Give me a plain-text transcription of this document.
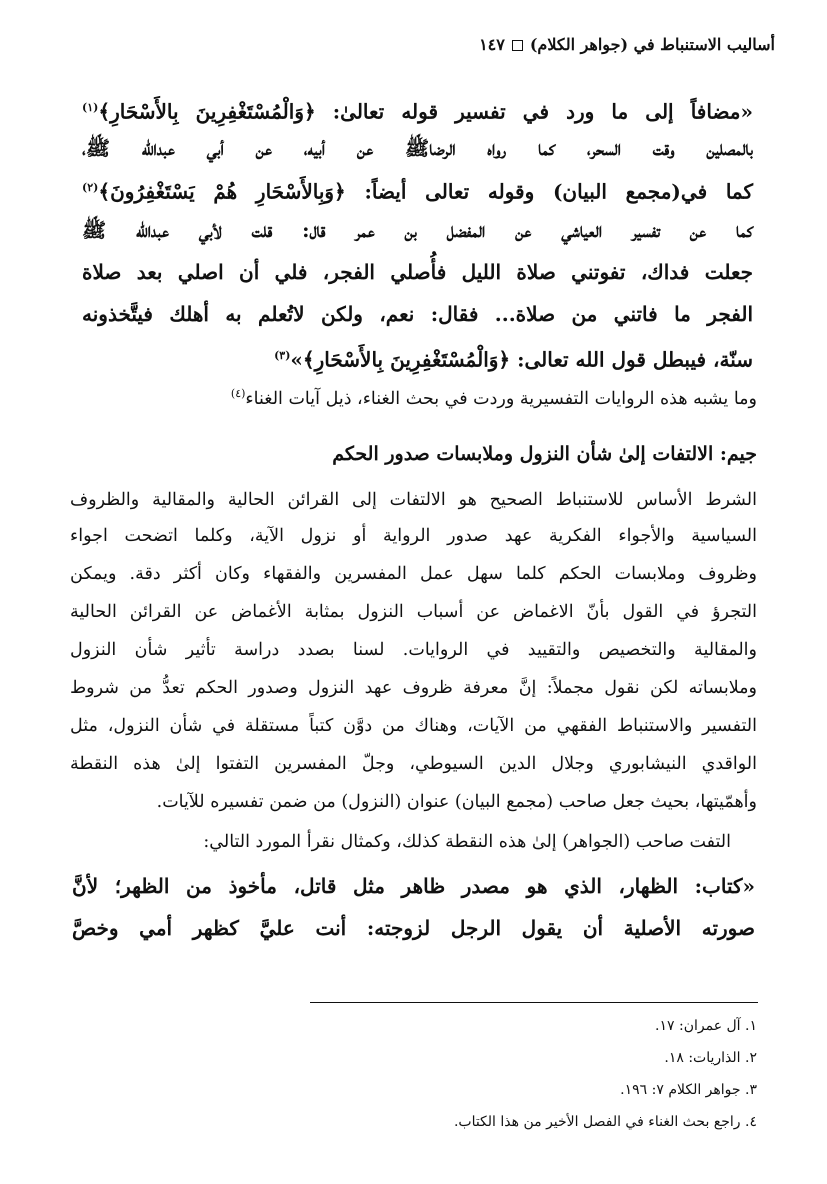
أساليب الاستنباط في (جواهر الكلام)١٤٧
«مضافاً إلى ما ورد في تفسير قوله تعالىٰ: ﴿وَالْمُسْتَغْفِرِينَ بِالأَسْحَارِ﴾$^{(١)}$
بالمصلين وقت السحر، كما رواه الرضاﷺ عن أبيه، عن أبي عبدالله ﷺ،
كما في(مجمع البيان) وقوله تعالى أيضاً: ﴿وَبِالأَسْحَارِ هُمْ يَسْتَغْفِرُونَ﴾$^{(٢)}$
كما عن تفسير العياشي عن المفضل بن عمر قال: قلت لأبي عبدالله ﷺ
جعلت فداك، تفوتني صلاة الليل فأُصلي الفجر، فلي أن اصلي بعد صلاة
الفجر ما فاتني من صلاة... فقال: نعم، ولكن لاتُعلم به أهلك فيتَّخذونه
سنّة، فيبطل قول الله تعالى: ﴿وَالْمُسْتَغْفِرِينَ بِالأَسْحَارِ﴾»$^{(٣)}$
وما يشبه هذه الروايات التفسيرية وردت في بحث الغناء، ذيل آيات الغناء$^{(٤)}$
جيم: الالتفات إلىٰ شأن النزول وملابسات صدور الحكم
الشرط الأساس للاستنباط الصحيح هو الالتفات إلى القرائن الحالية والمقالية والظروف
السياسية والأجواء الفكرية عهد صدور الرواية أو نزول الآية، وكلما اتضحت اجواء
وظروف وملابسات الحكم كلما سهل عمل المفسرين والفقهاء وكان أكثر دقة. ويمكن
التجرؤ في القول بأنّ الاغماض عن أسباب النزول بمثابة الأغماض عن القرائن الحالية
والمقالية والتخصيص والتقييد في الروايات. لسنا بصدد دراسة تأثير شأن النزول
وملابساته لكن نقول مجملاً: إنَّ معرفة ظروف عهد النزول وصدور الحكم تعدُّ من شروط
التفسير والاستنباط الفقهي من الآيات، وهناك من دوَّن كتباً مستقلة في شأن النزول، مثل
الواقدي النيشابوري وجلال الدين السيوطي، وجلّ المفسرين التفتوا إلىٰ هذه النقطة
وأهمّيتها، بحيث جعل صاحب (مجمع البيان) عنوان (النزول) من ضمن تفسيره للآيات.
التفت صاحب (الجواهر) إلىٰ هذه النقطة كذلك، وكمثال نقرأ المورد التالي:
«كتاب: الظهار، الذي هو مصدر ظاهر مثل قاتل، مأخوذ من الظهر؛ لأنَّ
صورته الأصلية أن يقول الرجل لزوجته: أنت عليَّ كظهر أمي وخصَّ
١. آل عمران: ١٧.
٢. الذاريات: ١٨.
٣. جواهر الكلام ٧: ١٩٦.
٤. راجع بحث الغناء في الفصل الأخير من هذا الكتاب.
